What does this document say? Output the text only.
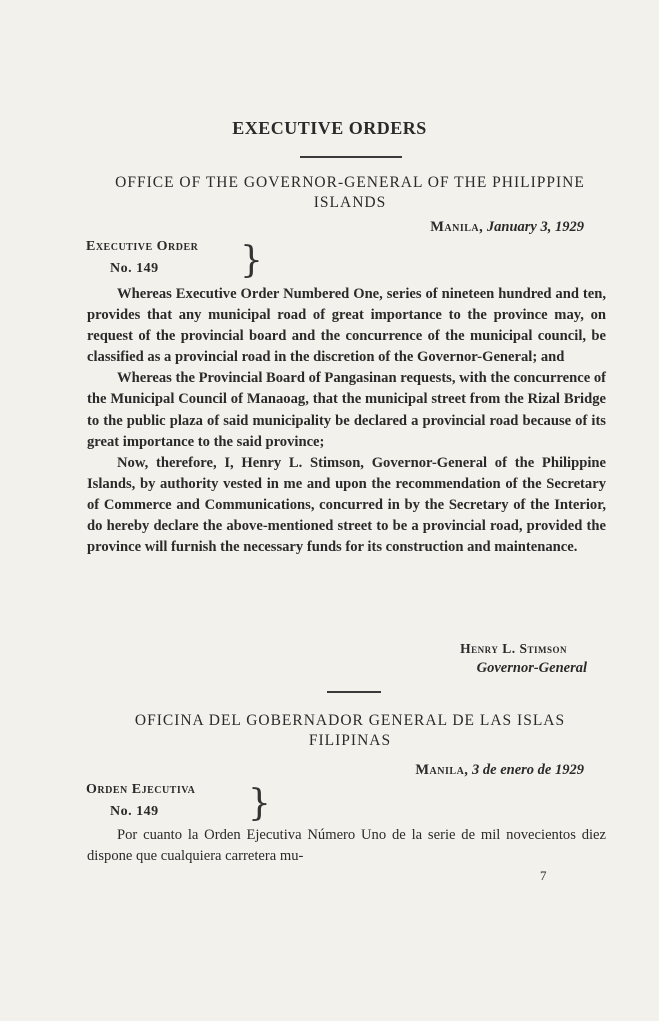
EXECUTIVE ORDERS
OFFICE OF THE GOVERNOR-GENERAL OF THE PHILIPPINE ISLANDS
Manila, January 3, 1929
Executive Order
No. 149	}

Whereas Executive Order Numbered One, series of nineteen hundred and ten, provides that any municipal road of great importance to the province may, on request of the provincial board and the concurrence of the municipal council, be classified as a provincial road in the discretion of the Governor-General; and

Whereas the Provincial Board of Pangasinan requests, with the concurrence of the Municipal Council of Manaoag, that the municipal street from the Rizal Bridge to the public plaza of said municipality be declared a provincial road because of its great importance to the said province;

Now, therefore, I, Henry L. Stimson, Governor-General of the Philippine Islands, by authority vested in me and upon the recommendation of the Secretary of Commerce and Communications, concurred in by the Secretary of the Interior, do hereby declare the above-mentioned street to be a provincial road, provided the province will furnish the necessary funds for its construction and maintenance.

Henry L. Stimson
Governor-General
OFICINA DEL GOBERNADOR GENERAL DE LAS ISLAS FILIPINAS
Manila, 3 de enero de 1929
Orden Ejecutiva
No. 149	}

Por cuanto la Orden Ejecutiva Número Uno de la serie de mil novecientos diez dispone que cualquiera carretera mu-

7
